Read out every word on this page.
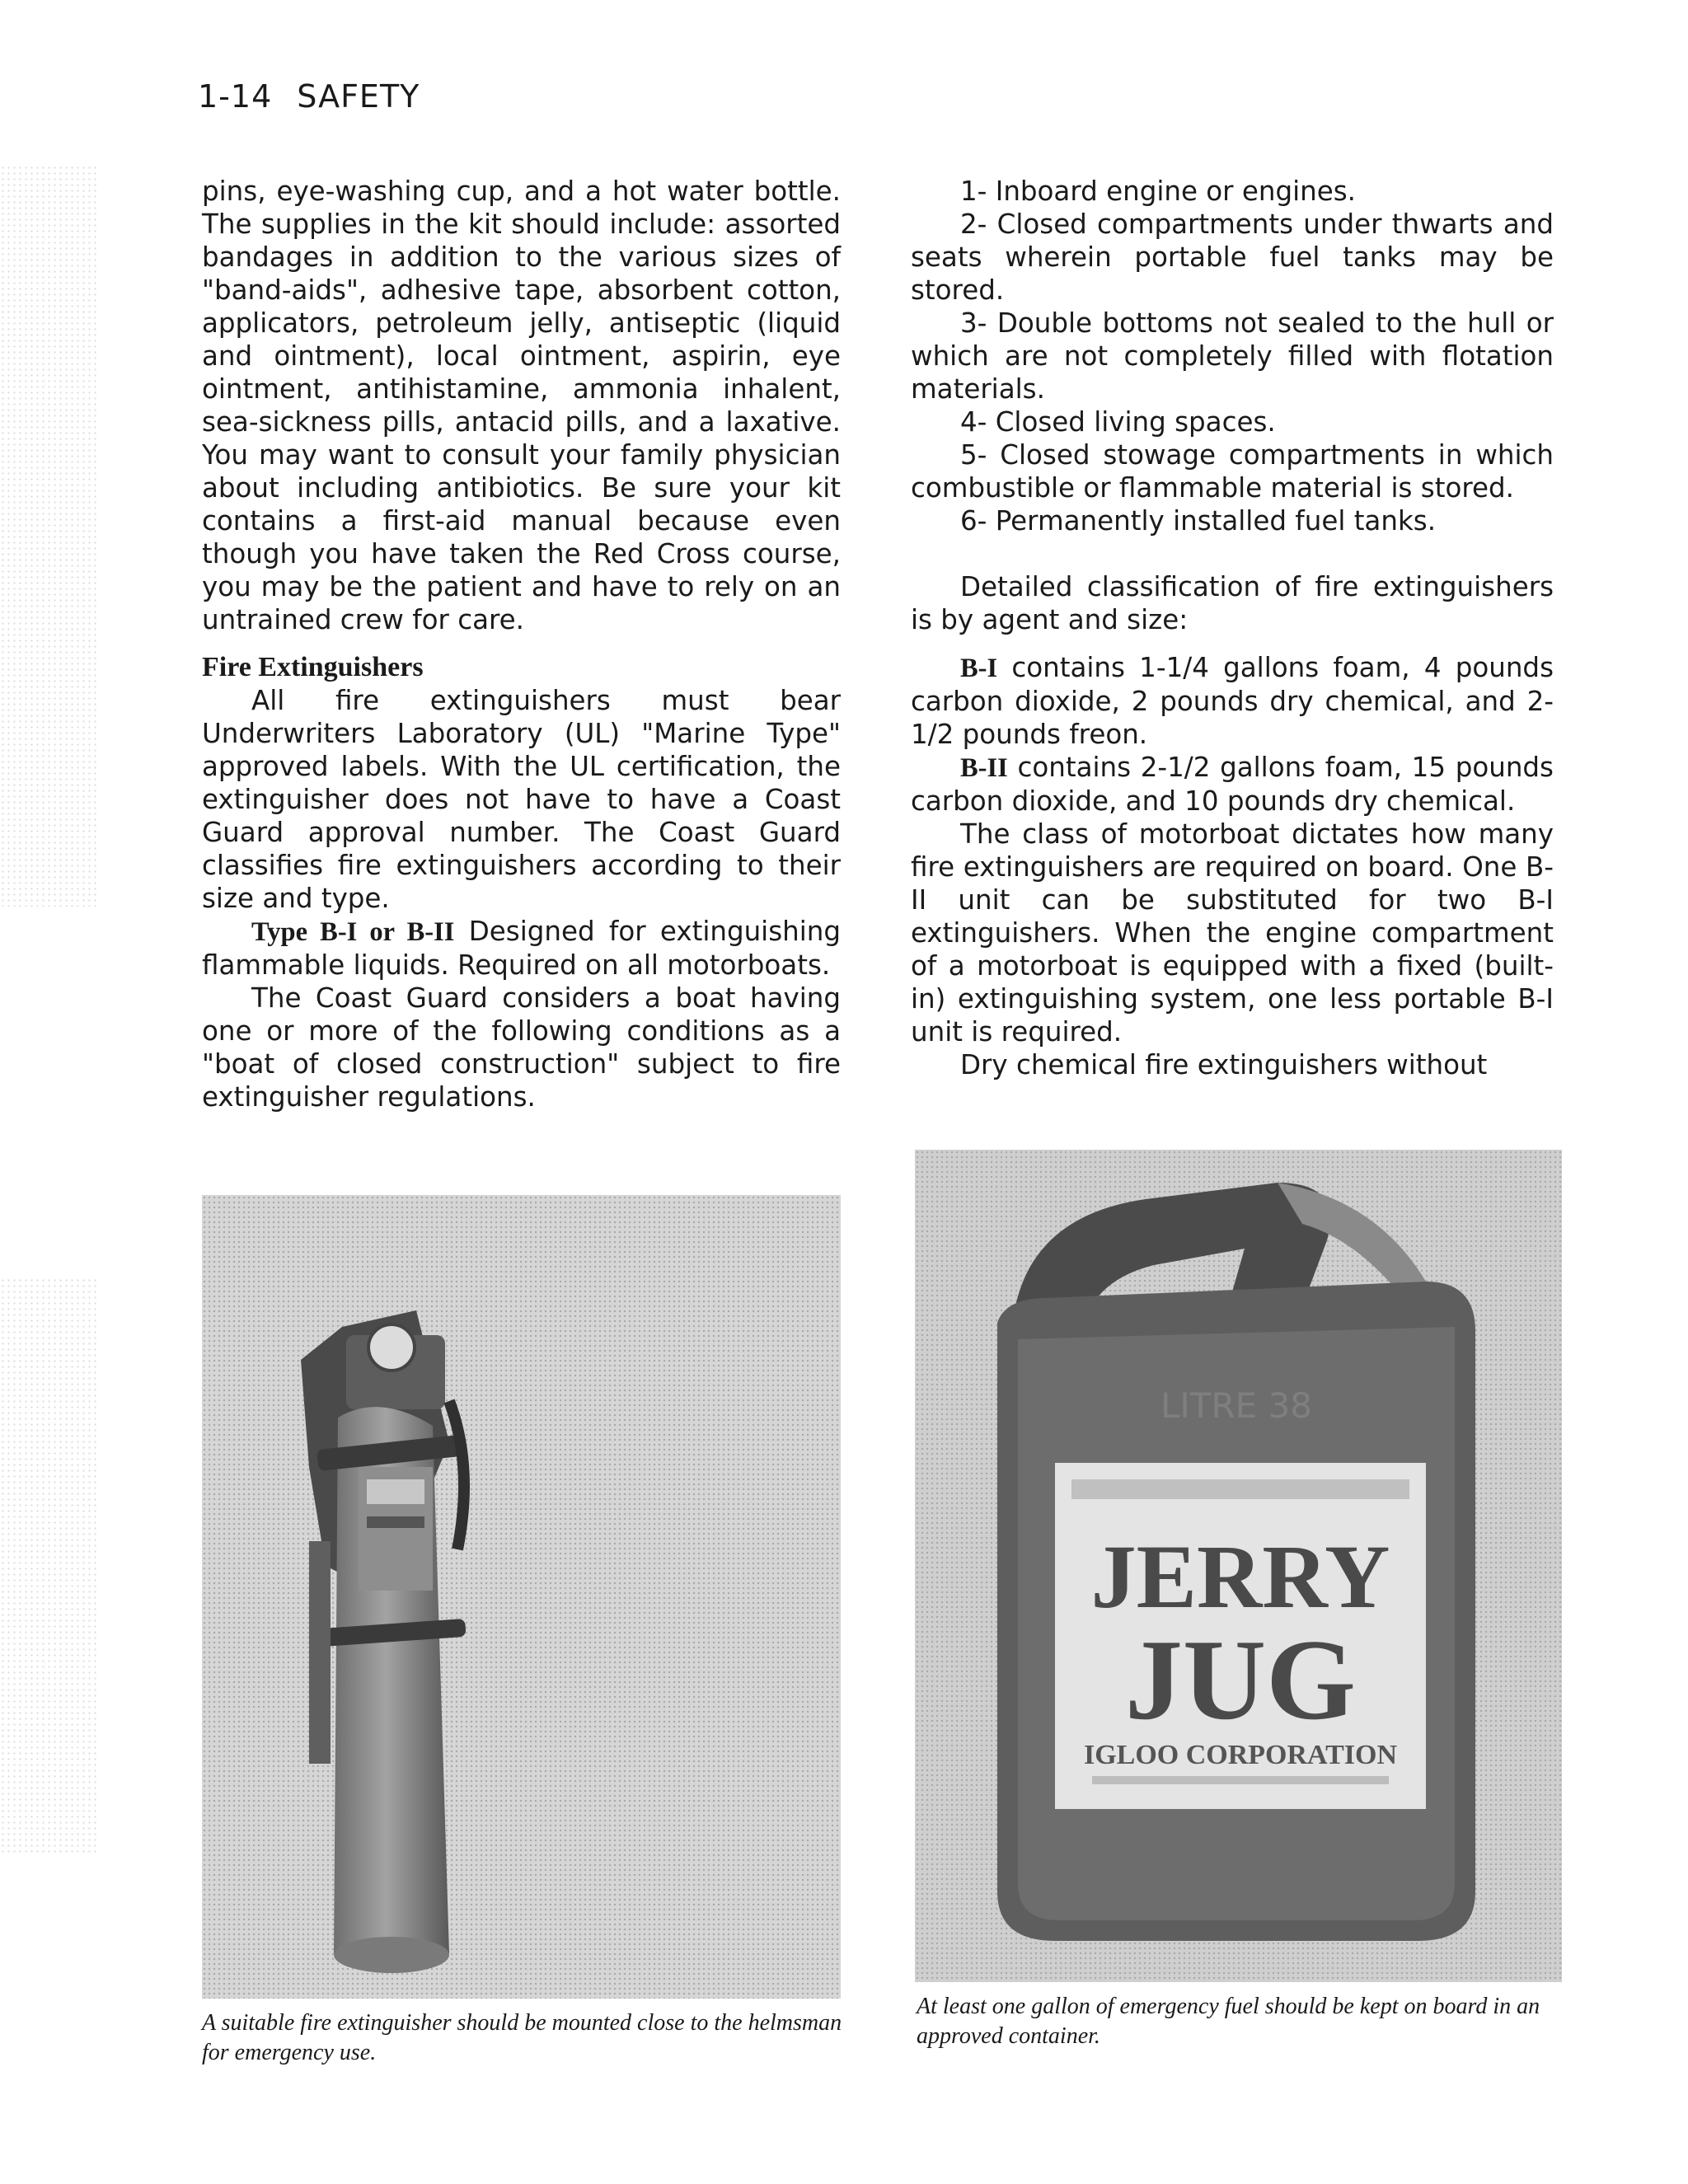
1-14 SAFETY

pins, eye-washing cup, and a hot water bottle. The supplies in the kit should include: assorted bandages in addition to the various sizes of "band-aids", adhesive tape, absorbent cotton, applicators, petroleum jelly, antiseptic (liquid and ointment), local ointment, aspirin, eye ointment, antihistamine, ammonia inhalent, sea-sickness pills, antacid pills, and a laxative. You may want to consult your family physician about including antibiotics. Be sure your kit contains a first-aid manual because even though you have taken the Red Cross course, you may be the patient and have to rely on an untrained crew for care.

Fire Extinguishers

All fire extinguishers must bear Underwriters Laboratory (UL) "Marine Type" approved labels. With the UL certification, the extinguisher does not have to have a Coast Guard approval number. The Coast Guard classifies fire extinguishers according to their size and type.

Type B-I or B-II Designed for extinguishing flammable liquids. Required on all motorboats.

The Coast Guard considers a boat having one or more of the following conditions as a "boat of closed construction" subject to fire extinguisher regulations.

1- Inboard engine or engines.

2- Closed compartments under thwarts and seats wherein portable fuel tanks may be stored.

3- Double bottoms not sealed to the hull or which are not completely filled with flotation materials.

4- Closed living spaces.

5- Closed stowage compartments in which combustible or flammable material is stored.

6- Permanently installed fuel tanks.

Detailed classification of fire extinguishers is by agent and size:

B-I contains 1-1/4 gallons foam, 4 pounds carbon dioxide, 2 pounds dry chemical, and 2-1/2 pounds freon.

B-II contains 2-1/2 gallons foam, 15 pounds carbon dioxide, and 10 pounds dry chemical.

The class of motorboat dictates how many fire extinguishers are required on board. One B-II unit can be substituted for two B-I extinguishers. When the engine compartment of a motorboat is equipped with a fixed (built-in) extinguishing system, one less portable B-I unit is required.

Dry chemical fire extinguishers without

A suitable fire extinguisher should be mounted close to the helmsman for emergency use.
LITRE 38
JERRY
JUG
IGLOO CORPORATION
At least one gallon of emergency fuel should be kept on board in an approved container.
